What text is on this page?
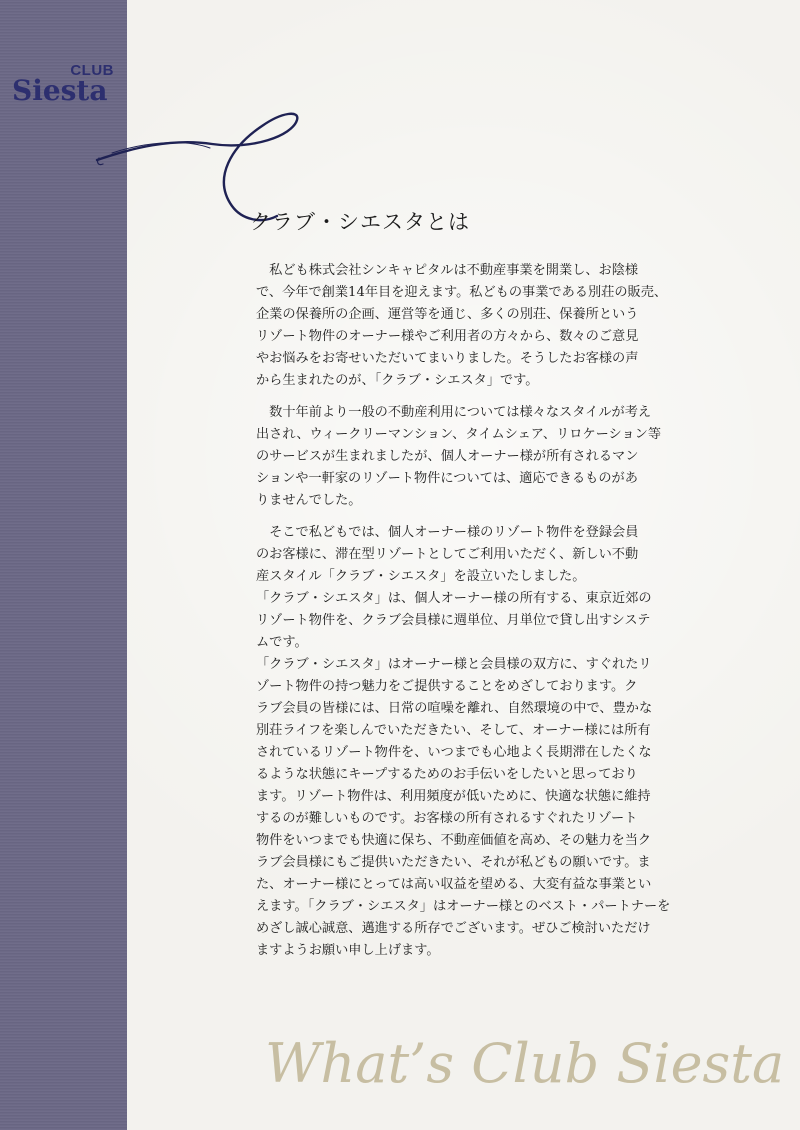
CLUB
Siesta
クラブ・シエスタとは

　私ども株式会社シンキャピタルは不動産事業を開業し、お陰様
で、今年で創業14年目を迎えます。私どもの事業である別荘の販売、
企業の保養所の企画、運営等を通じ、多くの別荘、保養所という
リゾート物件のオーナー様やご利用者の方々から、数々のご意見
やお悩みをお寄せいただいてまいりました。そうしたお客様の声
から生まれたのが、「クラブ・シエスタ」です。

　数十年前より一般の不動産利用については様々なスタイルが考え
出され、ウィークリーマンション、タイムシェア、リロケーション等
のサービスが生まれましたが、個人オーナー様が所有されるマン
ションや一軒家のリゾート物件については、適応できるものがあ
りませんでした。

　そこで私どもでは、個人オーナー様のリゾート物件を登録会員
のお客様に、滞在型リゾートとしてご利用いただく、新しい不動
産スタイル「クラブ・シエスタ」を設立いたしました。

「クラブ・シエスタ」は、個人オーナー様の所有する、東京近郊の
リゾート物件を、クラブ会員様に週単位、月単位で貸し出すシステ
ムです。

「クラブ・シエスタ」はオーナー様と会員様の双方に、すぐれたリ
ゾート物件の持つ魅力をご提供することをめざしております。ク
ラブ会員の皆様には、日常の喧噪を離れ、自然環境の中で、豊かな
別荘ライフを楽しんでいただきたい、そして、オーナー様には所有
されているリゾート物件を、いつまでも心地よく長期滞在したくな
るような状態にキープするためのお手伝いをしたいと思っており
ます。リゾート物件は、利用頻度が低いために、快適な状態に維持
するのが難しいものです。お客様の所有されるすぐれたリゾート
物件をいつまでも快適に保ち、不動産価値を高め、その魅力を当ク
ラブ会員様にもご提供いただきたい、それが私どもの願いです。ま
た、オーナー様にとっては高い収益を望める、大変有益な事業とい
えます。「クラブ・シエスタ」はオーナー様とのベスト・パートナーを
めざし誠心誠意、邁進する所存でございます。ぜひご検討いただけ
ますようお願い申し上げます。

What’s Club Siesta
